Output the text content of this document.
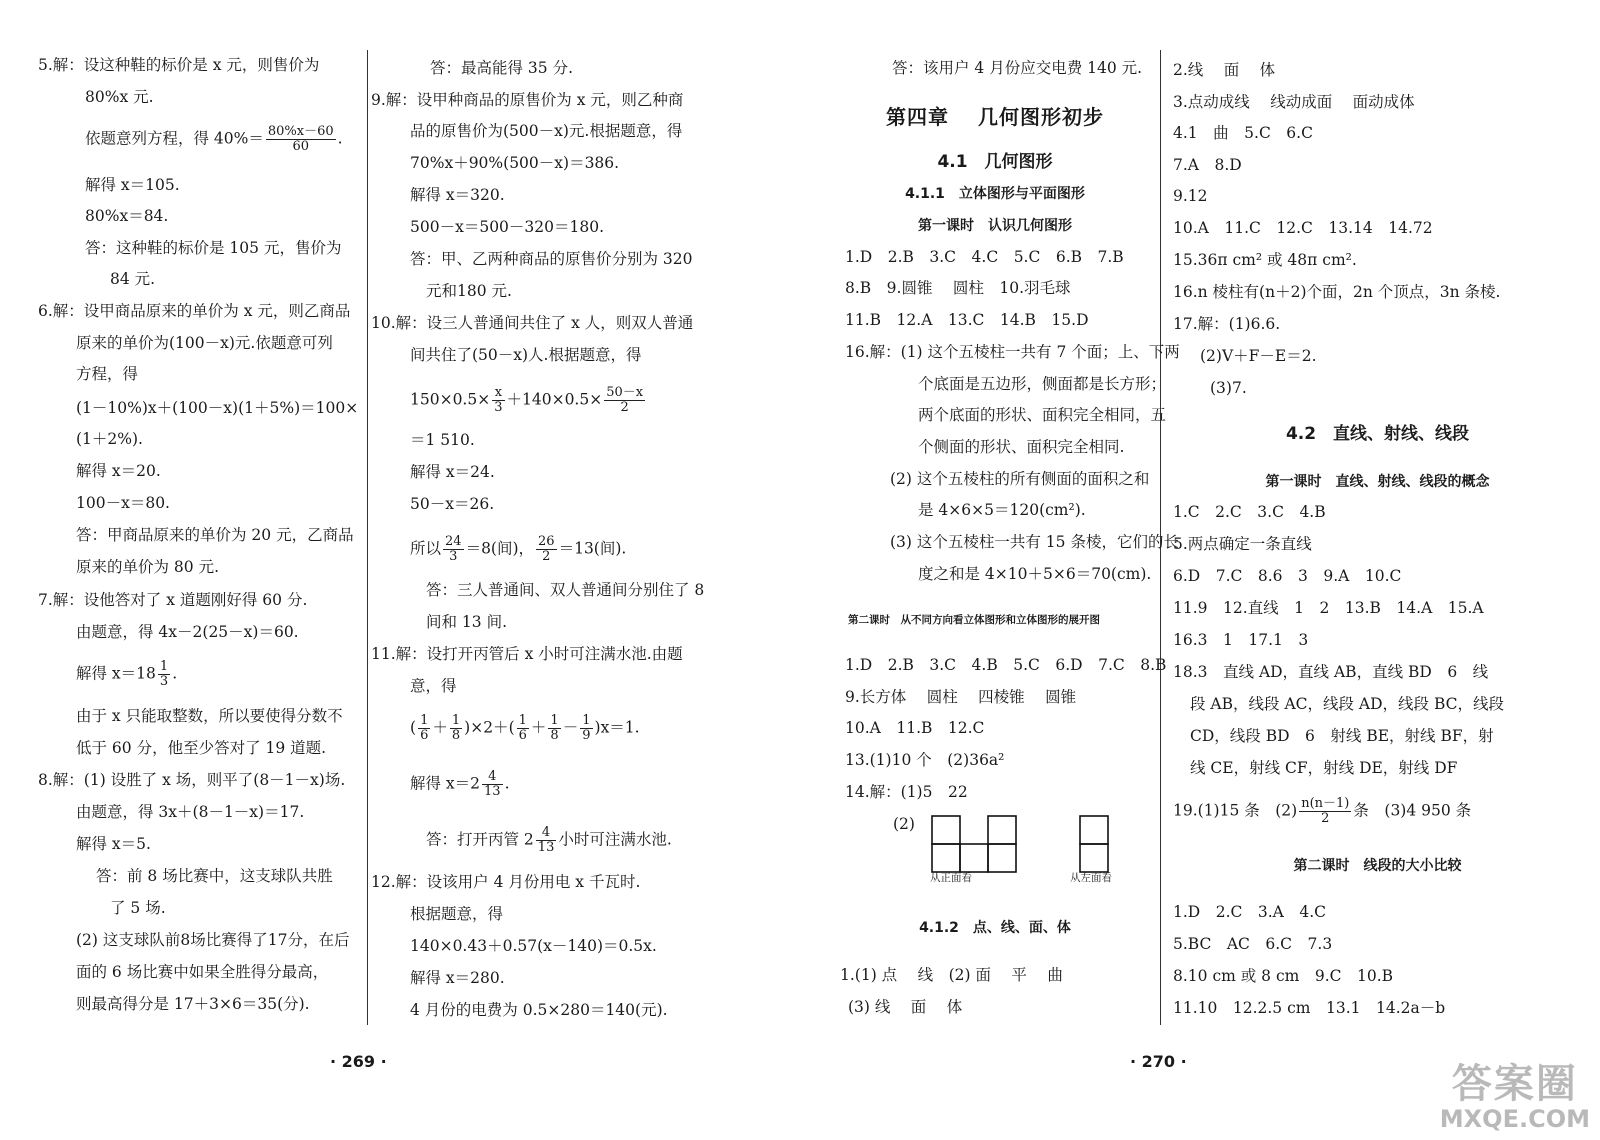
5.解：设这种鞋的标价是 x 元，则售价为
80%x 元.
依题意列方程，得 $40\%= \frac{80\%x-60}{60}$ .
解得 x＝105.
80%x＝84.
答：这种鞋的标价是 105 元，售价为
84 元.
6.解：设甲商品原来的单价为 x 元，则乙商品
原来的单价为(100－x)元.依题意可列
方程，得
(1－10%)x＋(100－x)(1＋5%)＝100×
(1＋2%).
解得 x＝20.
100－x＝80.
答：甲商品原来的单价为 20 元，乙商品
原来的单价为 80 元.
7.解：设他答对了 x 道题刚好得 60 分.
由题意，得 4x－2(25－x)＝60.
解得 $x=18 \frac{1}{3}$ .
由于 x 只能取整数，所以要使得分数不
低于 60 分，他至少答对了 19 道题.
8.解：(1) 设胜了 x 场，则平了(8－1－x)场.
由题意，得 3x＋(8－1－x)＝17.
解得 x＝5.
答：前 8 场比赛中，这支球队共胜
了 5 场.
(2) 这支球队前8场比赛得了17分，在后
面的 6 场比赛中如果全胜得分最高，
则最高得分是 17＋3×6＝35(分).
答：最高能得 35 分.
9.解：设甲种商品的原售价为 x 元，则乙种商
品的原售价为(500－x)元.根据题意，得
70%x＋90%(500－x)＝386.
解得 x＝320.
500－x＝500－320＝180.
答：甲、乙两种商品的原售价分别为 320
元和180 元.
10.解：设三人普通间共住了 x 人，则双人普通
间共住了(50－x)人.根据题意，得
$150\times 0.5\times \frac{x}{3} +140\times 0.5\times \frac{50-x}{2}$
＝1 510.
解得 x＝24.
50－x＝26.
所以 $\frac{24}{3} =8$(间)， $\frac{26}{2} =13$(间).
答：三人普通间、双人普通间分别住了 8
间和 13 间.
11.解：设打开丙管后 x 小时可注满水池.由题
意，得
( $\frac{1}{6} + \frac{1}{8} )\times 2+( \frac{1}{6} + \frac{1}{8} - \frac{1}{9} )x=1$.
解得 $x=2 \frac{4}{13}$ .
答：打开丙管 $2 \frac{4}{13}$ 小时可注满水池.
12.解：设该用户 4 月份用电 x 千瓦时.
根据题意，得
140×0.43＋0.57(x－140)＝0.5x.
解得 x＝280.
4 月份的电费为 0.5×280＝140(元).
· 269 ·
答：该用户 4 月份应交电费 140 元.
第四章　 几何图形初步
4.1　几何图形
4.1.1　立体图形与平面图形
第一课时　认识几何图形
1.D　2.B　3.C　4.C　5.C　6.B　7.B
8.B　9.圆锥　 圆柱　10.羽毛球
11.B　12.A　13.C　14.B　15.D
16.解：(1) 这个五棱柱一共有 7 个面；上、下两
个底面是五边形，侧面都是长方形；
两个底面的形状、面积完全相同，五
个侧面的形状、面积完全相同.
(2) 这个五棱柱的所有侧面的面积之和
是 4×6×5＝120(cm²).
(3) 这个五棱柱一共有 15 条棱，它们的长
度之和是 4×10＋5×6＝70(cm).
第二课时　从不同方向看立体图形和立体图形的展开图
1.D　2.B　3.C　4.B　5.C　6.D　7.C　8.B
9.长方体　 圆柱　 四棱锥　 圆锥
10.A　11.B　12.C
13.(1)10 个　(2)36a²
14.解：(1)5　22
(2)
从正面看	从左面看
4.1.2　点、线、面、体
1.(1) 点　 线　(2) 面　 平　 曲
(3) 线　 面　 体
2.线　 面　 体
3.点动成线　 线动成面　 面动成体
4.1　曲　5.C　6.C
7.A　8.D
9.12
10.A　11.C　12.C　13.14　14.72
15.36π cm² 或 48π cm².
16.n 棱柱有(n＋2)个面，2n 个顶点，3n 条棱.
17.解：(1)6.6.
(2)V＋F－E＝2.
(3)7.
4.2　直线、射线、线段
第一课时　直线、射线、线段的概念
1.C　2.C　3.C　4.B
5.两点确定一条直线
6.D　7.C　8.6　3　9.A　10.C
11.9　12.直线　1　2　13.B　14.A　15.A
16.3　1　17.1　3
18.3　直线 AD，直线 AB，直线 BD　6　线
段 AB，线段 AC，线段 AD，线段 BC，线段
CD，线段 BD　6　射线 BE，射线 BF，射
线 CE，射线 CF，射线 DE，射线 DF
19.(1)15 条　$(2) \frac{n(n-1)}{2}$ 条　(3)4 950 条
第二课时　线段的大小比较
1.D　2.C　3.A　4.C
5.BC　AC　6.C　7.3
8.10 cm 或 8 cm　9.C　10.B
11.10　12.2.5 cm　13.1　14.2a－b
· 270 ·	答案圈
MXQE.COM
